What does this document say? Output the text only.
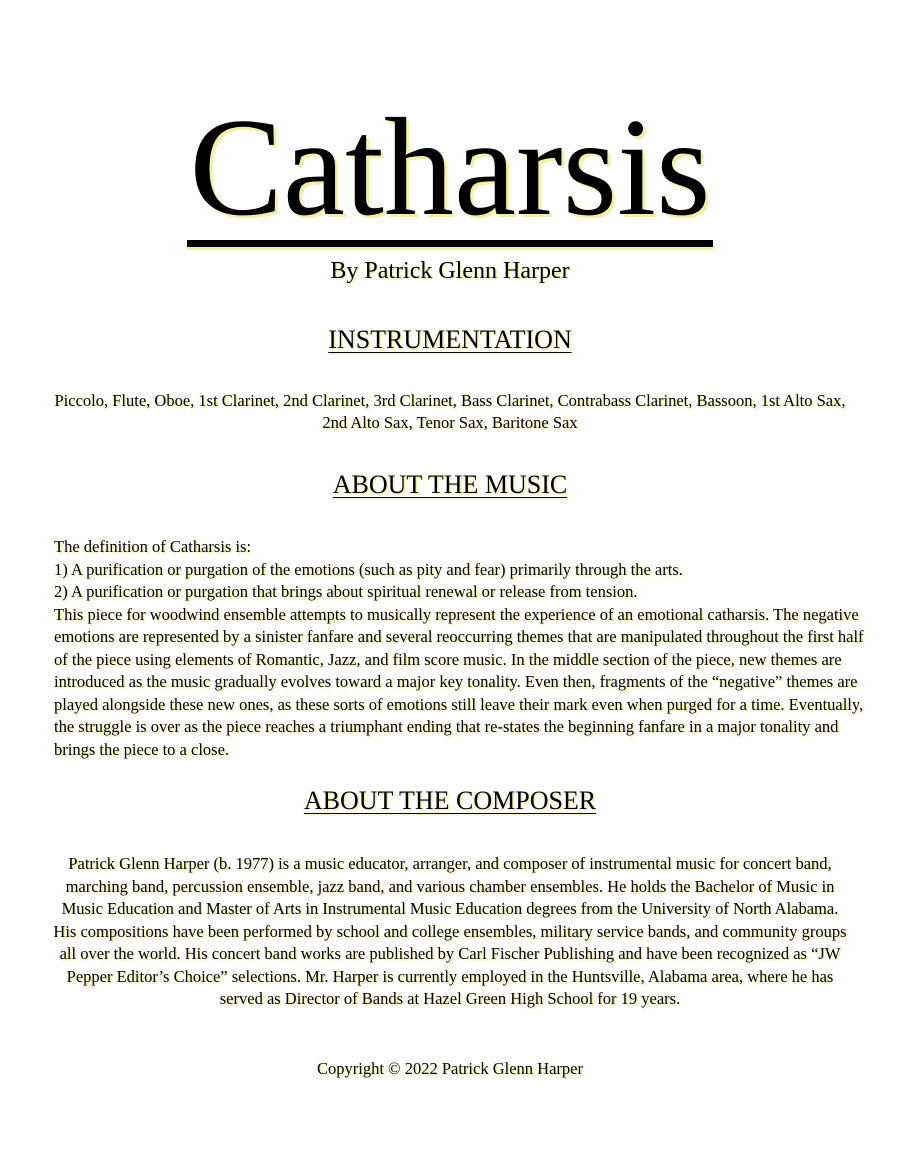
Catharsis
By Patrick Glenn Harper
INSTRUMENTATION
Piccolo, Flute, Oboe, 1st Clarinet, 2nd Clarinet, 3rd Clarinet, Bass Clarinet, Contrabass Clarinet, Bassoon, 1st Alto Sax, 2nd Alto Sax, Tenor Sax, Baritone Sax
ABOUT THE MUSIC
The definition of Catharsis is:
1) A purification or purgation of the emotions (such as pity and fear) primarily through the arts.
2) A purification or purgation that brings about spiritual renewal or release from tension.
This piece for woodwind ensemble attempts to musically represent the experience of an emotional catharsis. The negative emotions are represented by a sinister fanfare and several reoccurring themes that are manipulated throughout the first half of the piece using elements of Romantic, Jazz, and film score music. In the middle section of the piece, new themes are introduced as the music gradually evolves toward a major key tonality. Even then, fragments of the “negative” themes are played alongside these new ones, as these sorts of emotions still leave their mark even when purged for a time. Eventually, the struggle is over as the piece reaches a triumphant ending that re-states the beginning fanfare in a major tonality and brings the piece to a close.
ABOUT THE COMPOSER
Patrick Glenn Harper (b. 1977) is a music educator, arranger, and composer of instrumental music for concert band, marching band, percussion ensemble, jazz band, and various chamber ensembles. He holds the Bachelor of Music in Music Education and Master of Arts in Instrumental Music Education degrees from the University of North Alabama. His compositions have been performed by school and college ensembles, military service bands, and community groups all over the world. His concert band works are published by Carl Fischer Publishing and have been recognized as “JW Pepper Editor’s Choice” selections. Mr. Harper is currently employed in the Huntsville, Alabama area, where he has served as Director of Bands at Hazel Green High School for 19 years.
Copyright © 2022 Patrick Glenn Harper
